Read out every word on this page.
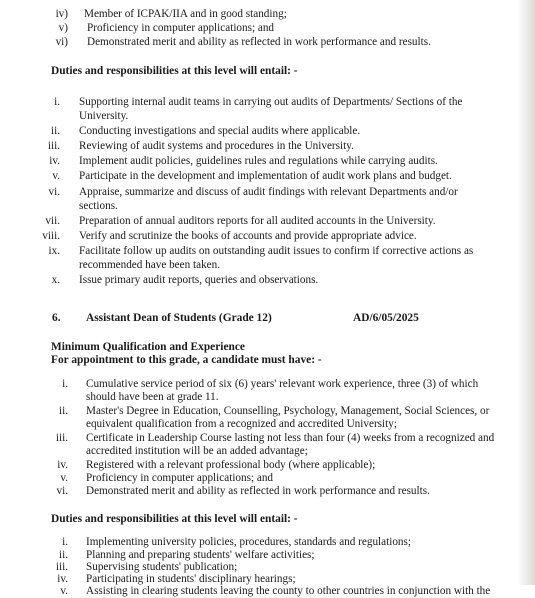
iv) Member of ICPAK/IIA and in good standing;
v) Proficiency in computer applications; and
vi) Demonstrated merit and ability as reflected in work performance and results.
Duties and responsibilities at this level will entail: -
i. Supporting internal audit teams in carrying out audits of Departments/ Sections of the
University.
ii. Conducting investigations and special audits where applicable.
iii. Reviewing of audit systems and procedures in the University.
iv. Implement audit policies, guidelines rules and regulations while carrying audits.
v. Participate in the development and implementation of audit work plans and budget.
vi. Appraise, summarize and discuss of audit findings with relevant Departments and/or
sections.
vii. Preparation of annual auditors reports for all audited accounts in the University.
viii. Verify and scrutinize the books of accounts and provide appropriate advice.
ix. Facilitate follow up audits on outstanding audit issues to confirm if corrective actions as
recommended have been taken.
x. Issue primary audit reports, queries and observations.
6. Assistant Dean of Students (Grade 12)	AD/6/05/2025
Minimum Qualification and Experience
For appointment to this grade, a candidate must have: -
i. Cumulative service period of six (6) years' relevant work experience, three (3) of which
should have been at grade 11.
ii. Master's Degree in Education, Counselling, Psychology, Management, Social Sciences, or
equivalent qualification from a recognized and accredited University;
iii. Certificate in Leadership Course lasting not less than four (4) weeks from a recognized and
accredited institution will be an added advantage;
iv. Registered with a relevant professional body (where applicable);
v. Proficiency in computer applications; and
vi. Demonstrated merit and ability as reflected in work performance and results.
Duties and responsibilities at this level will entail: -
i. Implementing university policies, procedures, standards and regulations;
ii. Planning and preparing students' welfare activities;
iii. Supervising students' publication;
iv. Participating in students' disciplinary hearings;
v. Assisting in clearing students leaving the county to other countries in conjunction with the
